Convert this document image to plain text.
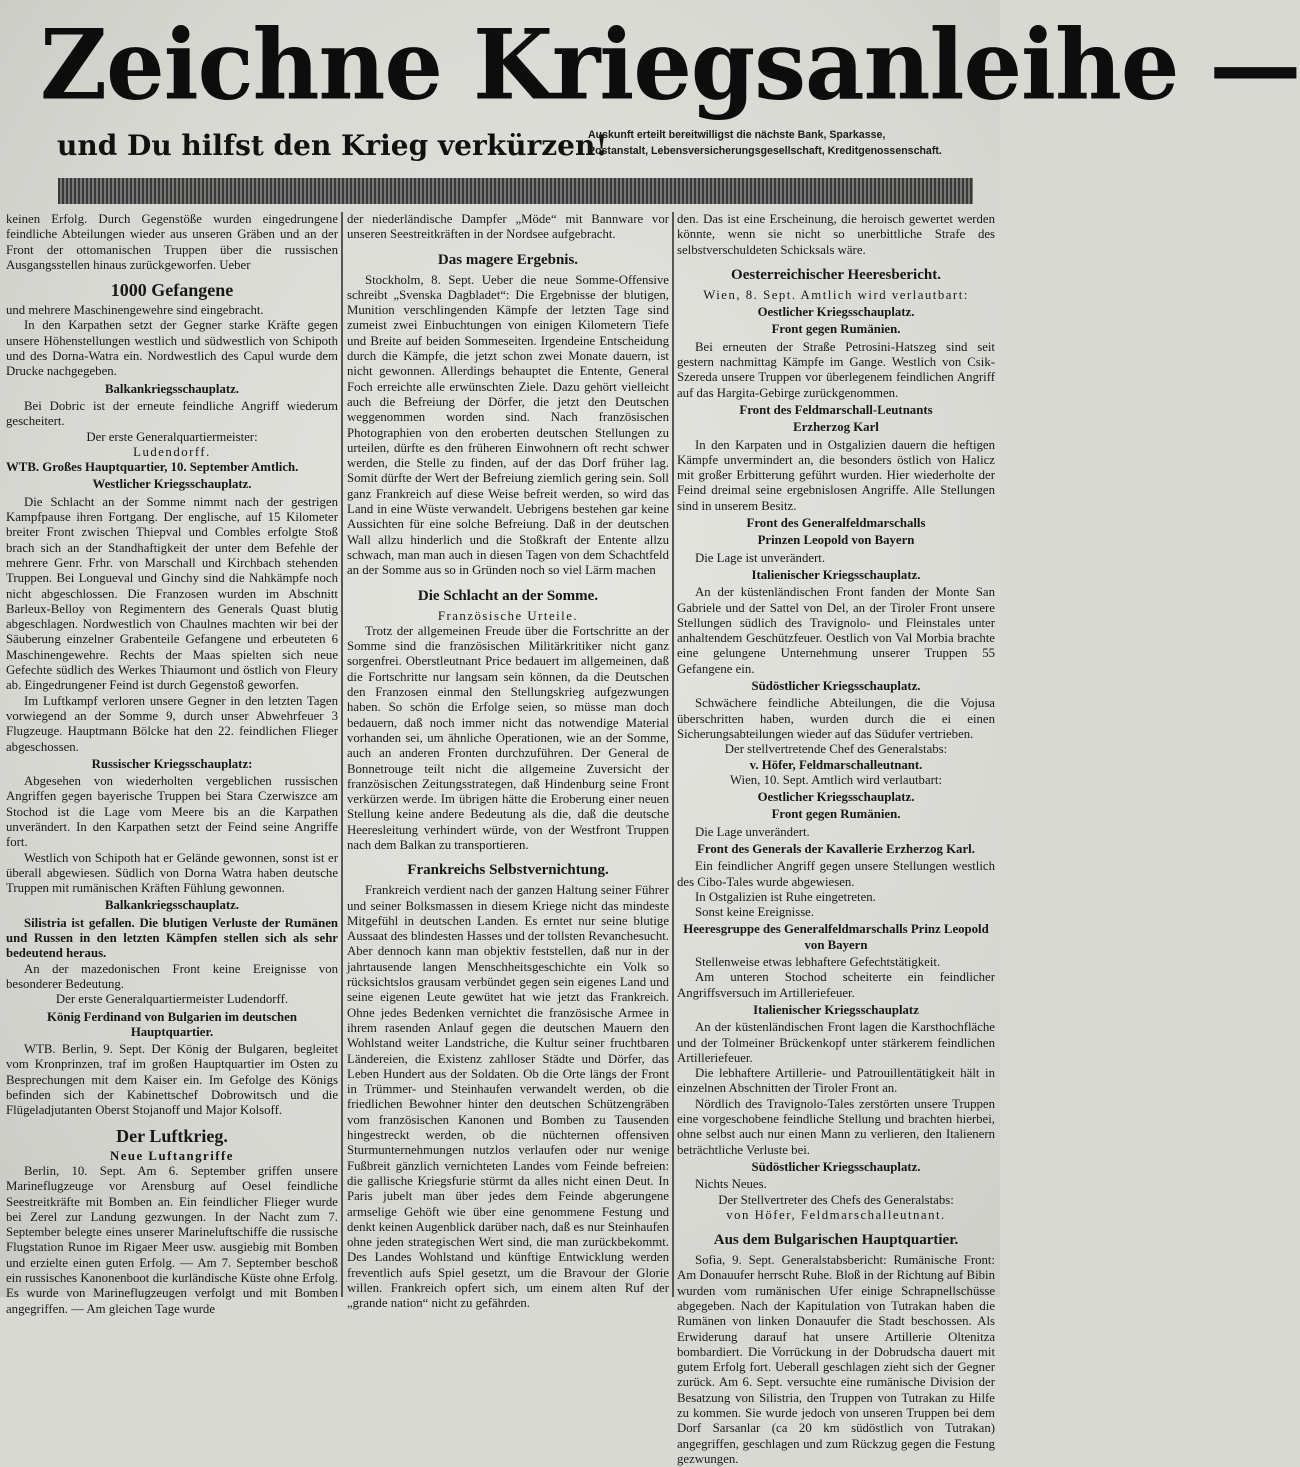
Zeichne Kriegsanleihe —
und Du hilfst den Krieg verkürzen!
Auskunft erteilt bereitwilligst die nächste Bank, Sparkasse,
Postanstalt, Lebensversicherungsgesellschaft, Kreditgenossenschaft.

keinen Erfolg. Durch Gegenstöße wurden eingedrungene feindliche Abteilungen wieder aus unseren Gräben und an der Front der ottomanischen Truppen über die russischen Ausgangsstellen hinaus zurückgeworfen. Ueber

1000 Gefangene

und mehrere Maschinengewehre sind eingebracht.

In den Karpathen setzt der Gegner starke Kräfte gegen unsere Höhenstellungen westlich und südwestlich von Schipoth und des Dorna-Watra ein. Nordwestlich des Capul wurde dem Drucke nachgegeben.

Balkankriegsschauplatz.

Bei Dobric ist der erneute feindliche Angriff wiederum gescheitert.

Der erste Generalquartiermeister:

Ludendorff.

WTB. Großes Hauptquartier, 10. September Amtlich.

Westlicher Kriegsschauplatz.

Die Schlacht an der Somme nimmt nach der gestrigen Kampfpause ihren Fortgang. Der englische, auf 15 Kilometer breiter Front zwischen Thiepval und Combles erfolgte Stoß brach sich an der Standhaftigkeit der unter dem Befehle der mehrere Genr. Frhr. von Marschall und Kirchbach stehenden Truppen. Bei Longueval und Ginchy sind die Nahkämpfe noch nicht abgeschlossen. Die Franzosen wurden im Abschnitt Barleux-Belloy von Regimentern des Generals Quast blutig abgeschlagen. Nordwestlich von Chaulnes machten wir bei der Säuberung einzelner Grabenteile Gefangene und erbeuteten 6 Maschinengewehre. Rechts der Maas spielten sich neue Gefechte südlich des Werkes Thiaumont und östlich von Fleury ab. Eingedrungener Feind ist durch Gegenstoß geworfen.

Im Luftkampf verloren unsere Gegner in den letzten Tagen vorwiegend an der Somme 9, durch unser Abwehrfeuer 3 Flugzeuge. Hauptmann Bölcke hat den 22. feindlichen Flieger abgeschossen.

Russischer Kriegsschauplatz:

Abgesehen von wiederholten vergeblichen russischen Angriffen gegen bayerische Truppen bei Stara Czerwiszce am Stochod ist die Lage vom Meere bis an die Karpathen unverändert. In den Karpathen setzt der Feind seine Angriffe fort.

Westlich von Schipoth hat er Gelände gewonnen, sonst ist er überall abgewiesen. Südlich von Dorna Watra haben deutsche Truppen mit rumänischen Kräften Fühlung gewonnen.

Balkankriegsschauplatz.

Silistria ist gefallen. Die blutigen Verluste der Rumänen und Russen in den letzten Kämpfen stellen sich als sehr bedeutend heraus.

An der mazedonischen Front keine Ereignisse von besonderer Bedeutung.

Der erste Generalquartiermeister Ludendorff.

König Ferdinand von Bulgarien im deutschen Hauptquartier.

WTB. Berlin, 9. Sept. Der König der Bulgaren, begleitet vom Kronprinzen, traf im großen Hauptquartier im Osten zu Besprechungen mit dem Kaiser ein. Im Gefolge des Königs befinden sich der Kabinettschef Dobrowitsch und die Flügeladjutanten Oberst Stojanoff und Major Kolsoff.

Der Luftkrieg.

Neue Luftangriffe

Berlin, 10. Sept. Am 6. September griffen unsere Marineflugzeuge vor Arensburg auf Oesel feindliche Seestreitkräfte mit Bomben an. Ein feindlicher Flieger wurde bei Zerel zur Landung gezwungen. In der Nacht zum 7. September belegte eines unserer Marineluftschiffe die russische Flugstation Runoe im Rigaer Meer usw. ausgiebig mit Bomben und erzielte einen guten Erfolg. — Am 7. September beschoß ein russisches Kanonenboot die kurländische Küste ohne Erfolg. Es wurde von Marineflugzeugen verfolgt und mit Bomben angegriffen. — Am gleichen Tage wurde

der niederländische Dampfer „Möde“ mit Bannware vor unseren Seestreitkräften in der Nordsee aufgebracht.

Das magere Ergebnis.

Stockholm, 8. Sept. Ueber die neue Somme-Offensive schreibt „Svenska Dagbladet“: Die Ergebnisse der blutigen, Munition verschlingenden Kämpfe der letzten Tage sind zumeist zwei Einbuchtungen von einigen Kilometern Tiefe und Breite auf beiden Sommeseiten. Irgendeine Entscheidung durch die Kämpfe, die jetzt schon zwei Monate dauern, ist nicht gewonnen. Allerdings behauptet die Entente, General Foch erreichte alle erwünschten Ziele. Dazu gehört vielleicht auch die Befreiung der Dörfer, die jetzt den Deutschen weggenommen worden sind. Nach französischen Photographien von den eroberten deutschen Stellungen zu urteilen, dürfte es den früheren Einwohnern oft recht schwer werden, die Stelle zu finden, auf der das Dorf früher lag. Somit dürfte der Wert der Befreiung ziemlich gering sein. Soll ganz Frankreich auf diese Weise befreit werden, so wird das Land in eine Wüste verwandelt. Uebrigens bestehen gar keine Aussichten für eine solche Befreiung. Daß in der deutschen Wall allzu hinderlich und die Stoßkraft der Entente allzu schwach, man man auch in diesen Tagen von dem Schachtfeld an der Somme aus so in Gründen noch so viel Lärm machen

Die Schlacht an der Somme.

Französische Urteile.

Trotz der allgemeinen Freude über die Fortschritte an der Somme sind die französischen Militärkritiker nicht ganz sorgenfrei. Oberstleutnant Price bedauert im allgemeinen, daß die Fortschritte nur langsam sein können, da die Deutschen den Franzosen einmal den Stellungskrieg aufgezwungen haben. So schön die Erfolge seien, so müsse man doch bedauern, daß noch immer nicht das notwendige Material vorhanden sei, um ähnliche Operationen, wie an der Somme, auch an anderen Fronten durchzuführen. Der General de Bonnetrouge teilt nicht die allgemeine Zuversicht der französischen Zeitungsstrategen, daß Hindenburg seine Front verkürzen werde. Im übrigen hätte die Eroberung einer neuen Stellung keine andere Bedeutung als die, daß die deutsche Heeresleitung verhindert würde, von der Westfront Truppen nach dem Balkan zu transportieren.

Frankreichs Selbstvernichtung.

Frankreich verdient nach der ganzen Haltung seiner Führer und seiner Bolksmassen in diesem Kriege nicht das mindeste Mitgefühl in deutschen Landen. Es erntet nur seine blutige Aussaat des blindesten Hasses und der tollsten Revanchesucht. Aber dennoch kann man objektiv feststellen, daß nur in der jahrtausende langen Menschheitsgeschichte ein Volk so rücksichtslos grausam verbündet gegen sein eigenes Land und seine eigenen Leute gewütet hat wie jetzt das Frankreich. Ohne jedes Bedenken vernichtet die französische Armee in ihrem rasenden Anlauf gegen die deutschen Mauern den Wohlstand weiter Landstriche, die Kultur seiner fruchtbaren Ländereien, die Existenz zahlloser Städte und Dörfer, das Leben Hundert aus der Soldaten. Ob die Orte längs der Front in Trümmer- und Steinhaufen verwandelt werden, ob die friedlichen Bewohner hinter den deutschen Schützengräben vom französischen Kanonen und Bomben zu Tausenden hingestreckt werden, ob die nüchternen offensiven Sturmunternehmungen nutzlos verlaufen oder nur wenige Fußbreit gänzlich vernichteten Landes vom Feinde befreien: die gallische Kriegsfurie stürmt da alles nicht einen Deut. In Paris jubelt man über jedes dem Feinde abgerungene armselige Gehöft wie über eine genommene Festung und denkt keinen Augenblick darüber nach, daß es nur Steinhaufen ohne jeden strategischen Wert sind, die man zurückbekommt. Des Landes Wohlstand und künftige Entwicklung werden freventlich aufs Spiel gesetzt, um die Bravour der Glorie willen. Frankreich opfert sich, um einem alten Ruf der „grande nation“ nicht zu gefährden.

den. Das ist eine Erscheinung, die heroisch gewertet werden könnte, wenn sie nicht so unerbittliche Strafe des selbstverschuldeten Schicksals wäre.

Oesterreichischer Heeresbericht.

Wien, 8. Sept. Amtlich wird verlautbart:

Oestlicher Kriegsschauplatz.

Front gegen Rumänien.

Bei erneuten der Straße Petrosini-Hatszeg sind seit gestern nachmittag Kämpfe im Gange. Westlich von Csik-Szereda unsere Truppen vor überlegenem feindlichen Angriff auf das Hargita-Gebirge zurückgenommen.

Front des Feldmarschall-Leutnants

Erzherzog Karl

In den Karpaten und in Ostgalizien dauern die heftigen Kämpfe unvermindert an, die besonders östlich von Halicz mit großer Erbitterung geführt wurden. Hier wiederholte der Feind dreimal seine ergebnislosen Angriffe. Alle Stellungen sind in unserem Besitz.

Front des Generalfeldmarschalls

Prinzen Leopold von Bayern

Die Lage ist unverändert.

Italienischer Kriegsschauplatz.

An der küstenländischen Front fanden der Monte San Gabriele und der Sattel von Del, an der Tiroler Front unsere Stellungen südlich des Travignolo- und Fleinstales unter anhaltendem Geschützfeuer. Oestlich von Val Morbia brachte eine gelungene Unternehmung unserer Truppen 55 Gefangene ein.

Südöstlicher Kriegsschauplatz.

Schwächere feindliche Abteilungen, die die Vojusa überschritten haben, wurden durch die ei einen Sicherungsabteilungen wieder auf das Südufer vertrieben.

Der stellvertretende Chef des Generalstabs:

v. Höfer, Feldmarschalleutnant.

Wien, 10. Sept. Amtlich wird verlautbart:

Oestlicher Kriegsschauplatz.

Front gegen Rumänien.

Die Lage unverändert.

Front des Generals der Kavallerie Erzherzog Karl.

Ein feindlicher Angriff gegen unsere Stellungen westlich des Cibo-Tales wurde abgewiesen.

In Ostgalizien ist Ruhe eingetreten.

Sonst keine Ereignisse.

Heeresgruppe des Generalfeldmarschalls Prinz Leopold von Bayern

Stellenweise etwas lebhaftere Gefechtstätigkeit.

Am unteren Stochod scheiterte ein feindlicher Angriffsversuch im Artilleriefeuer.

Italienischer Kriegsschauplatz

An der küstenländischen Front lagen die Karsthochfläche und der Tolmeiner Brückenkopf unter stärkerem feindlichen Artilleriefeuer.

Die lebhaftere Artillerie- und Patrouillentätigkeit hält in einzelnen Abschnitten der Tiroler Front an.

Nördlich des Travignolo-Tales zerstörten unsere Truppen eine vorgeschobene feindliche Stellung und brachten hierbei, ohne selbst auch nur einen Mann zu verlieren, den Italienern beträchtliche Verluste bei.

Südöstlicher Kriegsschauplatz.

Nichts Neues.

Der Stellvertreter des Chefs des Generalstabs:

von Höfer, Feldmarschalleutnant.

Aus dem Bulgarischen Hauptquartier.

Sofia, 9. Sept. Generalstabsbericht: Rumänische Front: Am Donauufer herrscht Ruhe. Bloß in der Richtung auf Bibin wurden vom rumänischen Ufer einige Schrapnellschüsse abgegeben. Nach der Kapitulation von Tutrakan haben die Rumänen von linken Donauufer die Stadt beschossen. Als Erwiderung darauf hat unsere Artillerie Oltenitza bombardiert. Die Vorrückung in der Dobrudscha dauert mit gutem Erfolg fort. Ueberall geschlagen zieht sich der Gegner zurück. Am 6. Sept. versuchte eine rumänische Division der Besatzung von Silistria, den Truppen von Tutrakan zu Hilfe zu kommen. Sie wurde jedoch von unseren Truppen bei dem Dorf Sarsanlar (ca 20 km südöstlich von Tutrakan) angegriffen, geschlagen und zum Rückzug gegen die Festung gezwungen.
